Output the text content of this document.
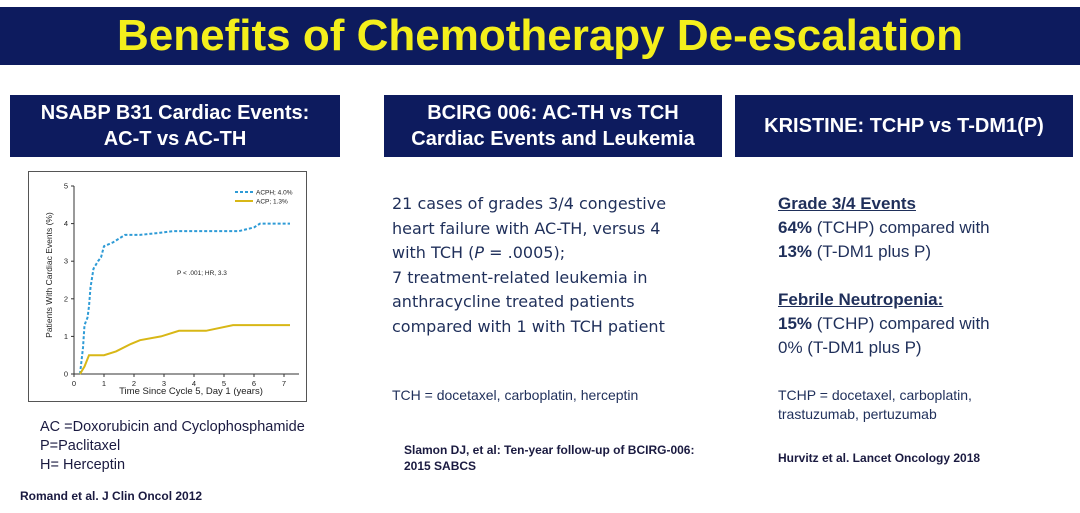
Benefits of Chemotherapy De-escalation
NSABP B31 Cardiac Events:
AC-T vs AC-TH
0
1
2
3
4
5
0	1	2	3	4	5	6	7
ACPH; 4.0%
ACP; 1.3%
P < .001; HR, 3.3
Time Since Cycle 5, Day 1 (years)
Patients With Cardiac Events (%)
AC =Doxorubicin and Cyclophosphamide
P=Paclitaxel
H= Herceptin
Romand et al. J Clin Oncol 2012
BCIRG 006: AC-TH vs TCH
Cardiac Events and Leukemia
21 cases of grades 3/4 congestive
heart failure with AC-TH, versus 4
with TCH (P = .0005);
7 treatment-related leukemia in
anthracycline treated patients
compared with 1 with TCH patient
TCH = docetaxel, carboplatin, herceptin
Slamon DJ, et al: Ten-year follow-up of BCIRG-006:
2015 SABCS
KRISTINE: TCHP vs T-DM1(P)
Grade 3/4 Events
64% (TCHP) compared with
13% (T-DM1 plus P)
Febrile Neutropenia:
15% (TCHP) compared with
0% (T-DM1 plus P)
TCHP = docetaxel, carboplatin,
trastuzumab, pertuzumab
Hurvitz et al. Lancet Oncology 2018
